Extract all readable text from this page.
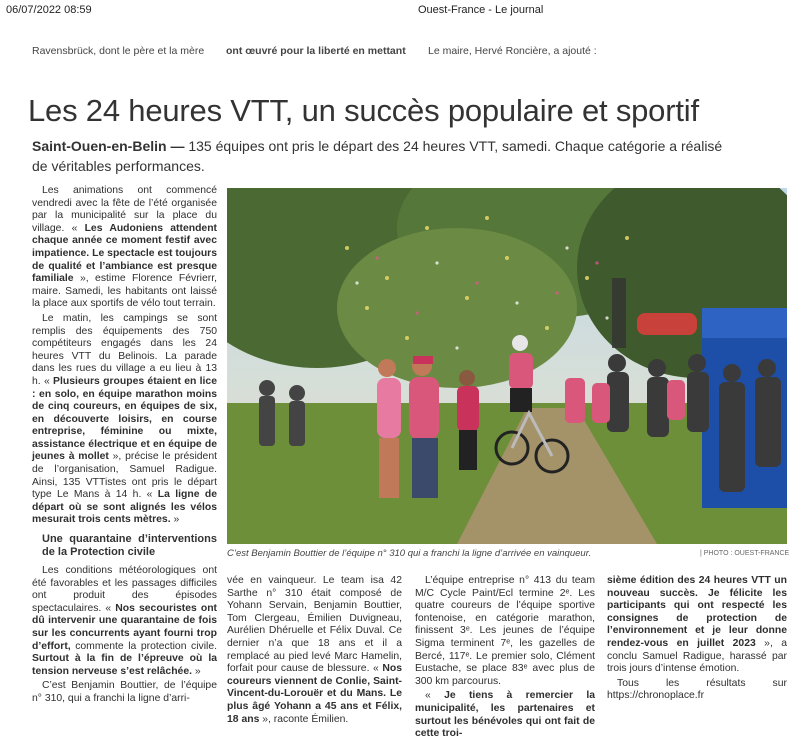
06/07/2022 08:59	Ouest-France - Le journal
Ravensbrück, dont le père et la mère ont œuvré pour la liberté en mettant Le maire, Hervé Roncière, a ajouté :
Les 24 heures VTT, un succès populaire et sportif
Saint-Ouen-en-Belin — 135 équipes ont pris le départ des 24 heures VTT, samedi. Chaque catégorie a réalisé de véritables performances.

Les animations ont commencé vendredi avec la fête de l’été organisée par la municipalité sur la place du village. « Les Audoniens attendent chaque année ce moment festif avec impatience. Le spectacle est toujours de qualité et l’ambiance est presque familiale », estime Florence Févrierr, maire. Samedi, les habitants ont laissé la place aux sportifs de vélo tout terrain.

Le matin, les campings se sont remplis des équipements des 750 compétiteurs engagés dans les 24 heures VTT du Belinois. La parade dans les rues du village a eu lieu à 13 h. « Plusieurs groupes étaient en lice : en solo, en équipe marathon moins de cinq coureurs, en équipes de six, en découverte loisirs, en course entreprise, féminine ou mixte, assistance électrique et en équipe de jeunes à mollet », précise le président de l’organisation, Samuel Radigue. Ainsi, 135 VTTistes ont pris le départ type Le Mans à 14 h. « La ligne de départ où se sont alignés les vélos mesurait trois cents mètres. »

Une quarantaine d’interventions de la Protection civile

Les conditions météorologiques ont été favorables et les passages difficiles ont produit des épisodes spectaculaires. « Nos secouristes ont dû intervenir une quarantaine de fois sur les concurrents ayant fourni trop d’effort, commente la protection civile. Surtout à la fin de l’épreuve où la tension nerveuse s’est relâchée. »

C’est Benjamin Bouttier, de l’équipe n° 310, qui a franchi la ligne d’arri-

C’est Benjamin Bouttier de l’équipe n° 310 qui a franchi la ligne d’arrivée en vainqueur.	| PHOTO : OUEST-FRANCE

vée en vainqueur. Le team isa 42 Sarthe n° 310 était composé de Yohann Servain, Benjamin Bouttier, Tom Clergeau, Émilien Duvigneau, Aurélien Dhéruelle et Félix Duval. Ce dernier n’a que 18 ans et il a remplacé au pied levé Marc Hamelin, forfait pour cause de blessure. « Nos coureurs viennent de Conlie, Saint-Vincent-du-Lorouër et du Mans. Le plus âgé Yohann a 45 ans et Félix, 18 ans », raconte Émilien.

L’équipe entreprise n° 413 du team M/C Cycle Paint/Ecl termine 2ᵉ. Les quatre coureurs de l’équipe sportive fontenoise, en catégorie marathon, finissent 3ᵉ. Les jeunes de l’équipe Sigma terminent 7ᵉ, les gazelles de Bercé, 117ᵉ. Le premier solo, Clément Eustache, se place 83ᵉ avec plus de 300 km parcourus.

« Je tiens à remercier la municipalité, les partenaires et surtout les bénévoles qui ont fait de cette troi-

sième édition des 24 heures VTT un nouveau succès. Je félicite les participants qui ont respecté les consignes de protection de l’environnement et je leur donne rendez-vous en juillet 2023 », a conclu Samuel Radigue, harassé par trois jours d’intense émotion.

Tous les résultats sur https://chronoplace.fr
